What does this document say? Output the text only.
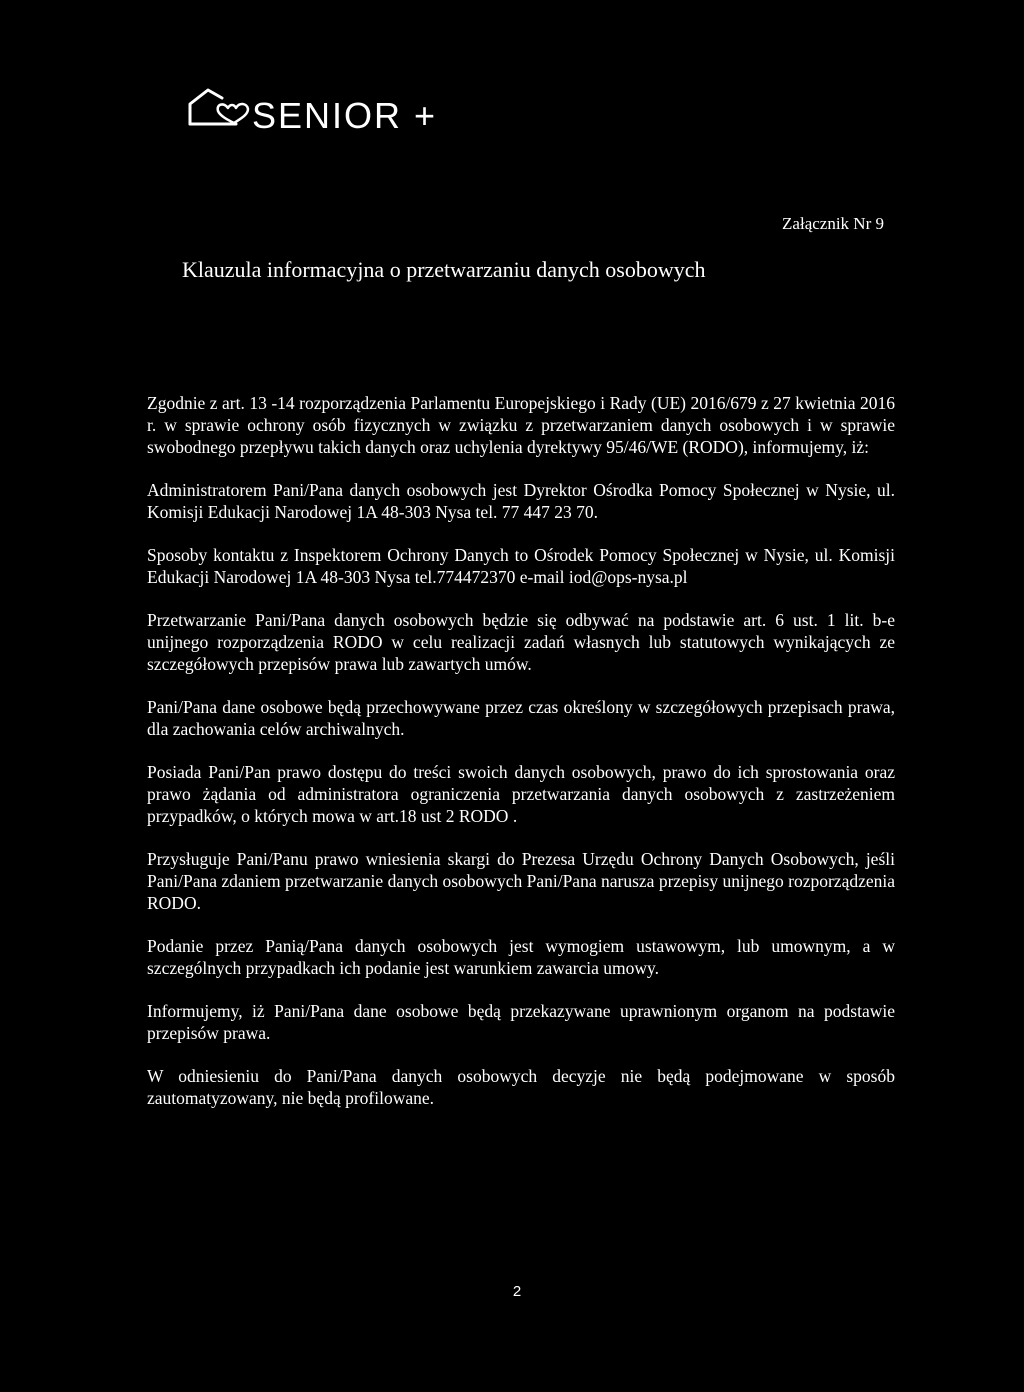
SENIOR +
Załącznik Nr 9
Klauzula informacyjna o przetwarzaniu danych osobowych

Zgodnie z art. 13 -14 rozporządzenia Parlamentu Europejskiego i Rady (UE) 2016/679 z 27 kwietnia 2016 r. w sprawie ochrony osób fizycznych w związku z przetwarzaniem danych osobowych i w sprawie swobodnego przepływu takich danych oraz uchylenia dyrektywy 95/46/WE (RODO), informujemy, iż:

Administratorem Pani/Pana danych osobowych jest Dyrektor Ośrodka Pomocy Społecznej w Nysie, ul. Komisji Edukacji Narodowej 1A 48-303 Nysa tel. 77 447 23 70.

Sposoby kontaktu z Inspektorem Ochrony Danych to Ośrodek Pomocy Społecznej w Nysie, ul. Komisji Edukacji Narodowej 1A 48-303 Nysa tel.774472370 e-mail iod@ops-nysa.pl

Przetwarzanie Pani/Pana danych osobowych będzie się odbywać na podstawie art. 6 ust. 1 lit. b-e unijnego rozporządzenia RODO w celu realizacji zadań własnych lub statutowych wynikających ze szczegółowych przepisów prawa lub zawartych umów.

Pani/Pana dane osobowe będą przechowywane przez czas określony w szczegółowych przepisach prawa, dla zachowania celów archiwalnych.

Posiada Pani/Pan prawo dostępu do treści swoich danych osobowych, prawo do ich sprostowania oraz prawo żądania od administratora ograniczenia przetwarzania danych osobowych z zastrzeżeniem przypadków, o których mowa w art.18 ust 2 RODO .

Przysługuje Pani/Panu prawo wniesienia skargi do Prezesa Urzędu Ochrony Danych Osobowych, jeśli Pani/Pana zdaniem przetwarzanie danych osobowych Pani/Pana narusza przepisy unijnego rozporządzenia RODO.

Podanie przez Panią/Pana danych osobowych jest wymogiem ustawowym, lub umownym, a w szczególnych przypadkach ich podanie jest warunkiem zawarcia umowy.

Informujemy, iż Pani/Pana dane osobowe będą przekazywane uprawnionym organom na podstawie przepisów prawa.

W odniesieniu do Pani/Pana danych osobowych decyzje nie będą podejmowane w sposób zautomatyzowany, nie będą profilowane.

2
